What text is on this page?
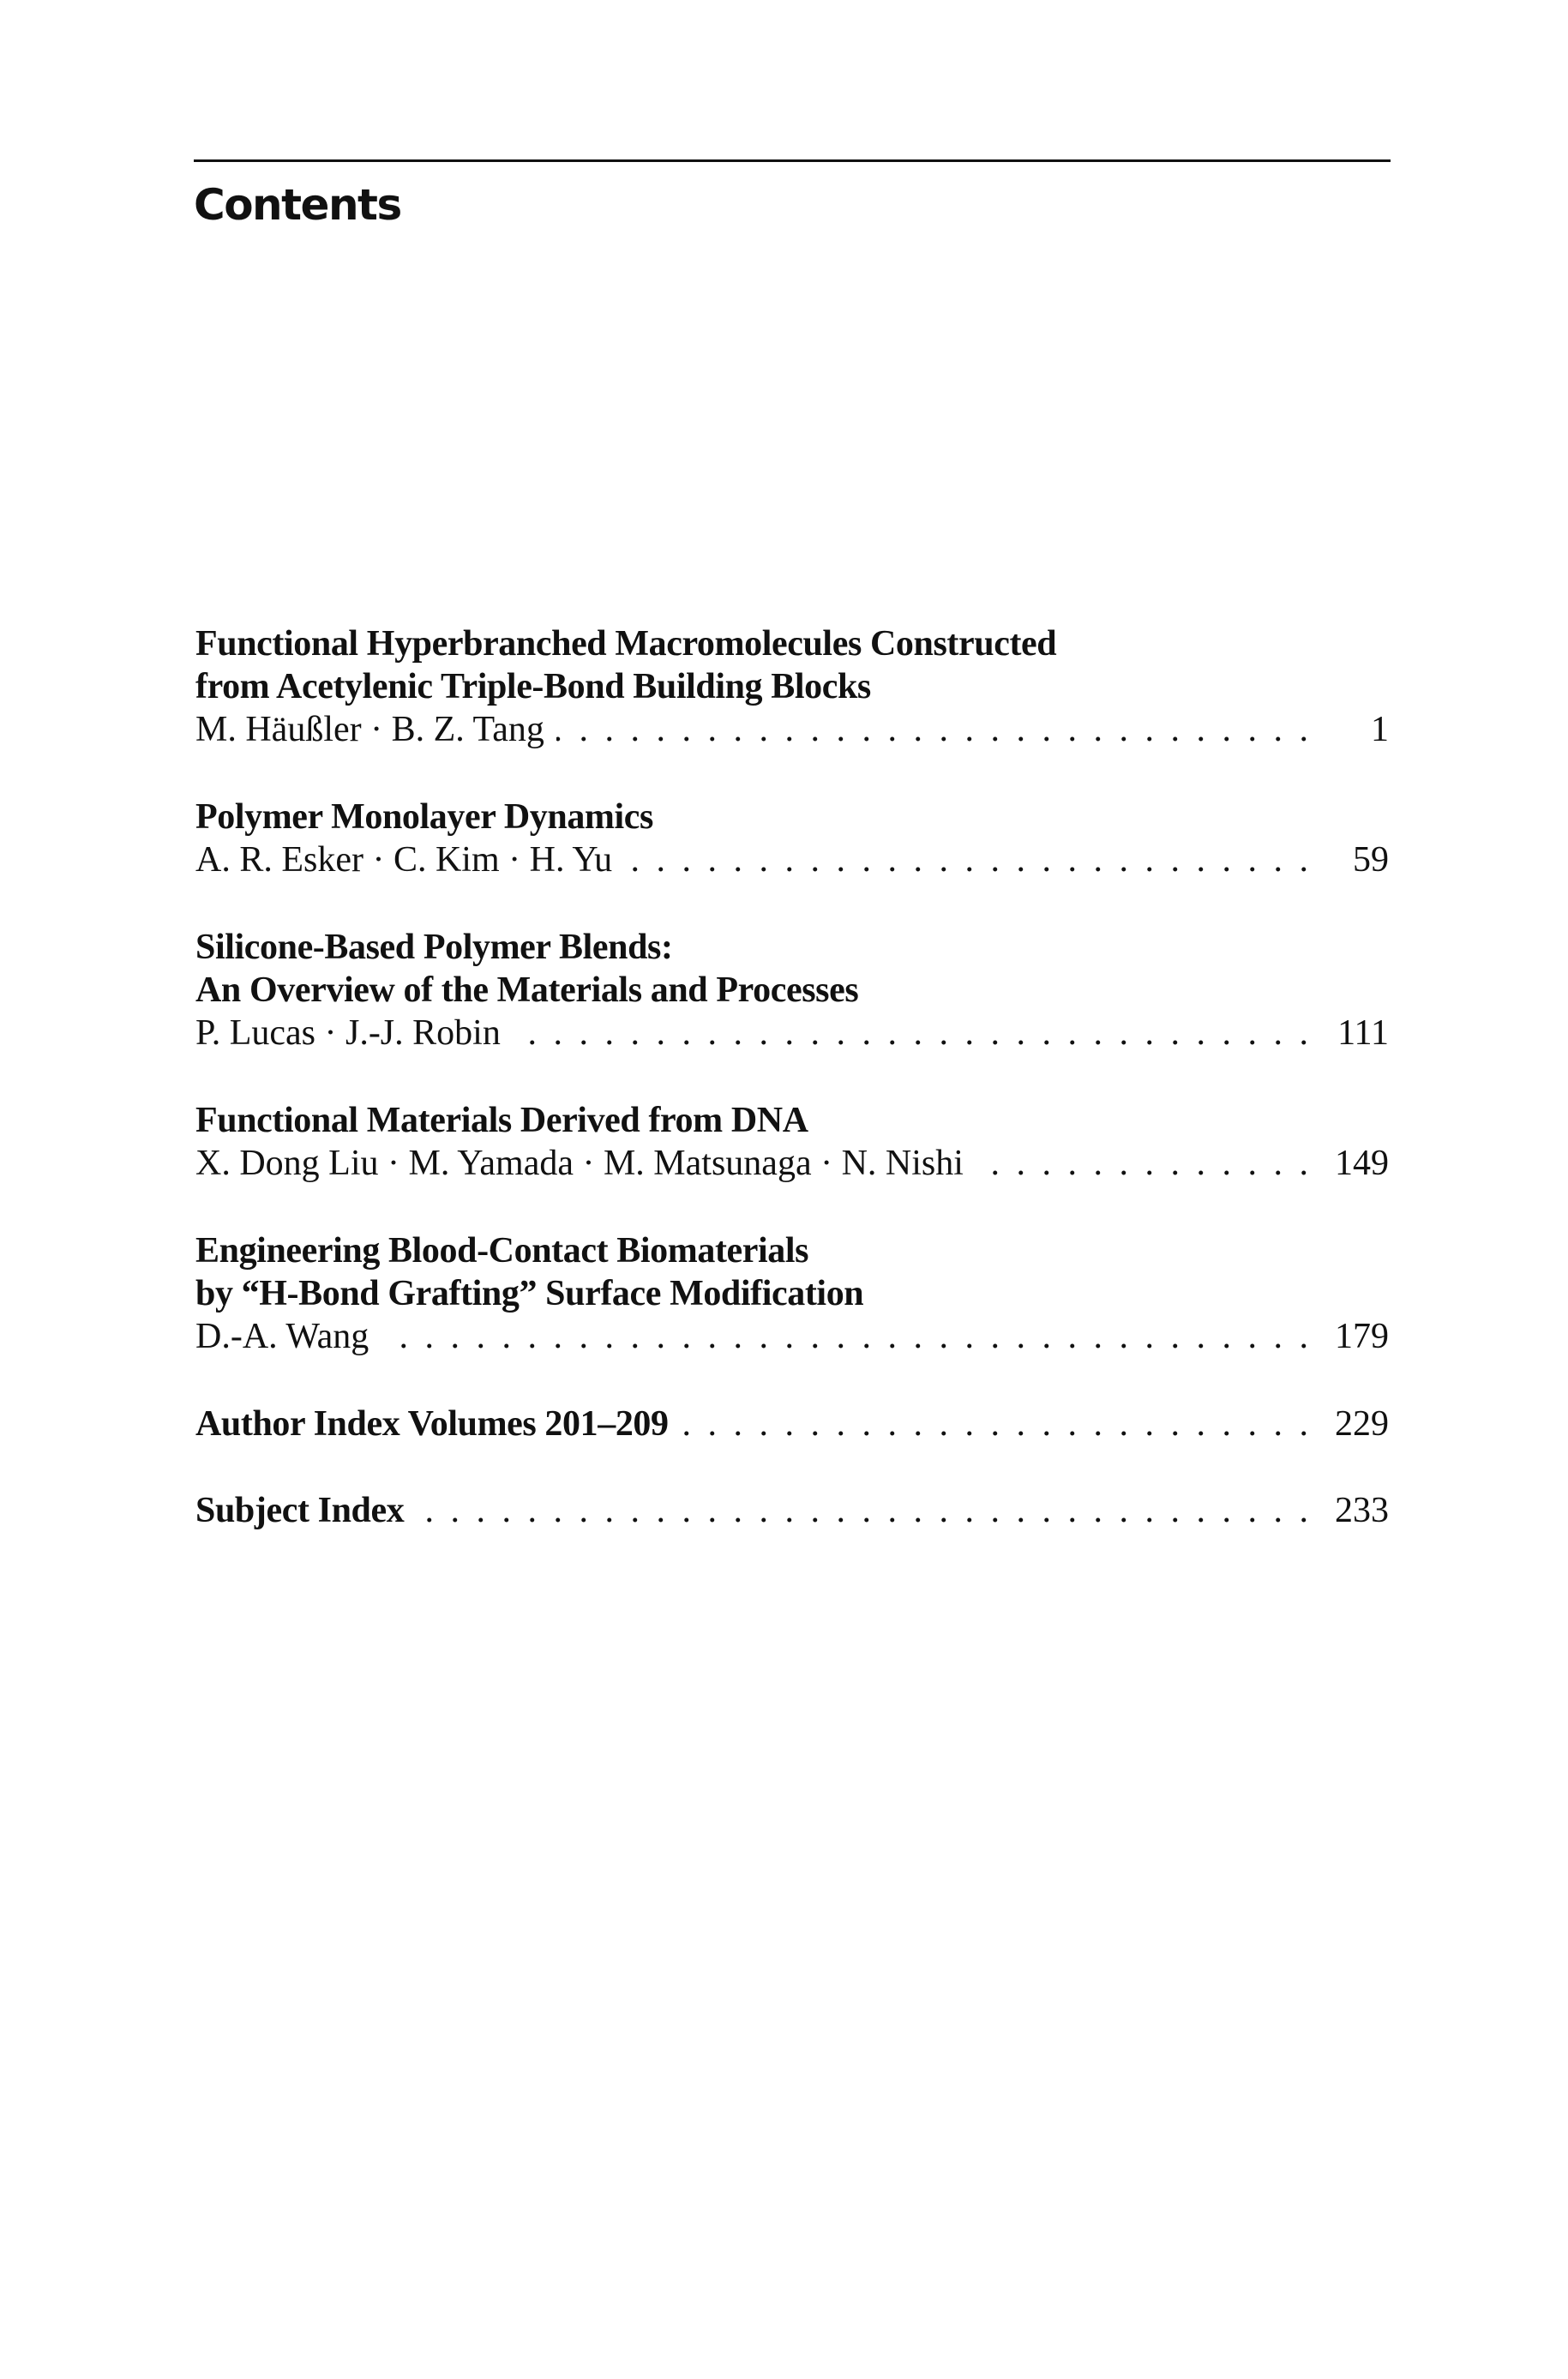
Contents
Functional Hyperbranched Macromolecules Constructed
from Acetylenic Triple-Bond Building Blocks
M. Häußler · B. Z. Tang . . .	1
Polymer Monolayer Dynamics
A. R. Esker · C. Kim · H. Yu . . .	59
Silicone-Based Polymer Blends:
An Overview of the Materials and Processes
P. Lucas · J.-J. Robin . . .	111
Functional Materials Derived from DNA
X. Dong Liu · M. Yamada · M. Matsunaga · N. Nishi . . .	149
Engineering Blood-Contact Biomaterials
by “H-Bond Grafting” Surface Modification
D.-A. Wang . . .	179
Author Index Volumes 201–209 . . .	229
Subject Index . . .	233
